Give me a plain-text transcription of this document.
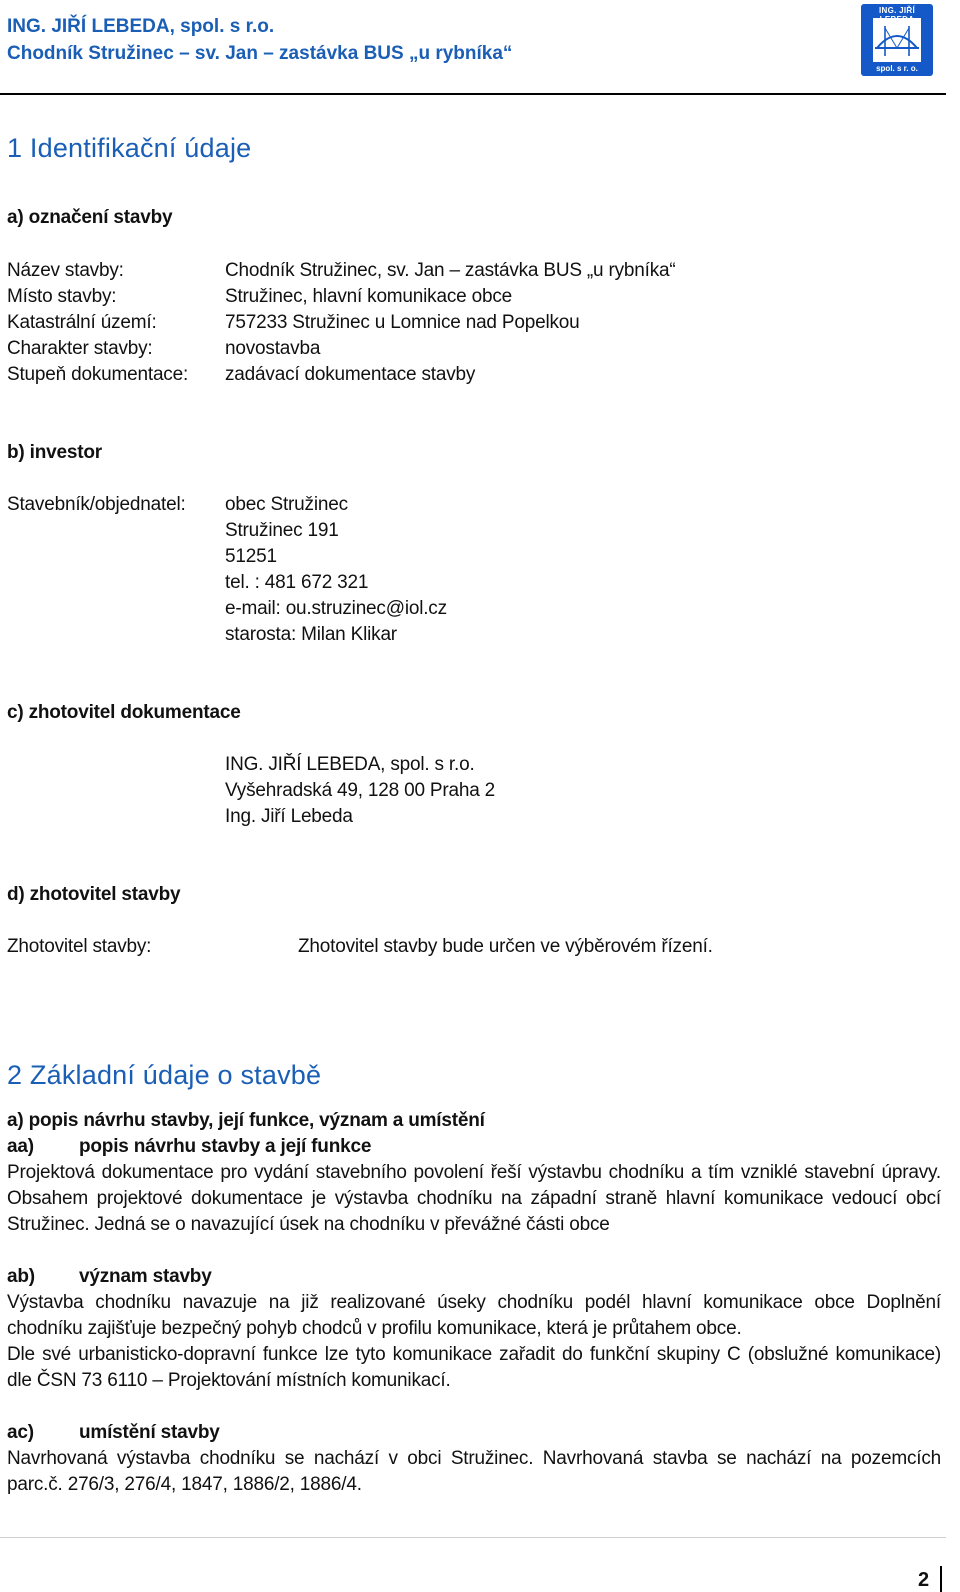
ING. JIŘÍ LEBEDA, spol. s r.o.
Chodník Stružinec – sv. Jan – zastávka BUS „u rybníka“
ING. JIŘÍ
spol. s r. o.
1 Identifikační údaje
a) označení stavby
Název stavby:	Chodník Stružinec, sv. Jan – zastávka BUS „u rybníka“
Místo stavby:	Stružinec, hlavní komunikace obce
Katastrální území:	757233 Stružinec u Lomnice nad Popelkou
Charakter stavby:	novostavba
Stupeň dokumentace: zadávací dokumentace stavby
b) investor
Stavebník/objednatel: obec Stružinec
Stružinec 191
51251
tel. : 481 672 321
e-mail: ou.struzinec@iol.cz
starosta: Milan Klikar
c) zhotovitel dokumentace
ING. JIŘÍ LEBEDA, spol. s r.o.
Vyšehradská 49, 128 00 Praha 2
Ing. Jiří Lebeda
d) zhotovitel stavby
Zhotovitel stavby:	Zhotovitel stavby bude určen ve výběrovém řízení.
2 Základní údaje o stavbě
a) popis návrhu stavby, její funkce, význam a umístění
aa) popis návrhu stavby a její funkce
Projektová dokumentace pro vydání stavebního povolení řeší výstavbu chodníku a tím vzniklé stavební úpravy.
Obsahem projektové dokumentace je výstavba chodníku na západní straně hlavní komunikace vedoucí obcí
Stružinec. Jedná se o navazující úsek na chodníku v převážné části obce
ab) význam stavby
Výstavba chodníku navazuje na již realizované úseky chodníku podél hlavní komunikace obce Doplnění
chodníku zajišťuje bezpečný pohyb chodců v profilu komunikace, která je průtahem obce.
Dle své urbanisticko-dopravní funkce lze tyto komunikace zařadit do funkční skupiny C (obslužné komunikace)
dle ČSN 73 6110 – Projektování místních komunikací.
ac) umístění stavby
Navrhovaná výstavba chodníku se nachází v obci Stružinec. Navrhovaná stavba se nachází na pozemcích
parc.č. 276/3, 276/4, 1847, 1886/2, 1886/4.
2
